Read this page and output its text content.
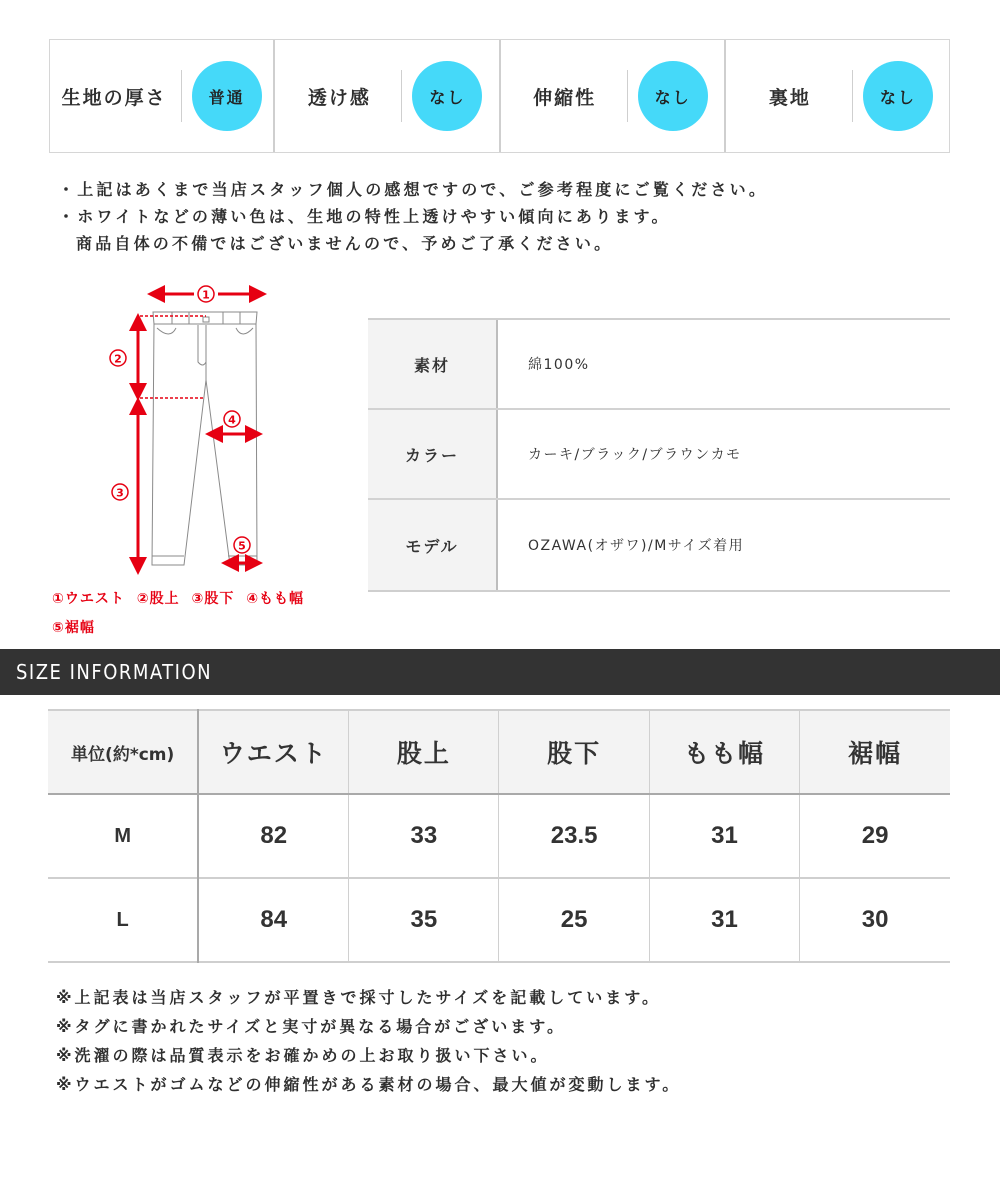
生地の厚さ	普通	透け感	なし	伸縮性	なし	裏地	なし
・上記はあくまで当店スタッフ個人の感想ですので、ご参考程度にご覧ください。
・ホワイトなどの薄い色は、生地の特性上透けやすい傾向にあります。
商品自体の不備ではございませんので、予めご了承ください。
1
2
3
4
5
①ウエスト ②股上 ③股下 ④もも幅
⑤裾幅
素材	綿100%
カラー	カーキ/ブラック/ブラウンカモ
モデル	OZAWA(オザワ)/Mサイズ着用
SIZE INFORMATION
単位(約*cm)	ウエスト	股上	股下	もも幅	裾幅
M	82	33	23.5	31	29
L	84	35	25	31	30
※上記表は当店スタッフが平置きで採寸したサイズを記載しています。
※タグに書かれたサイズと実寸が異なる場合がございます。
※洗濯の際は品質表示をお確かめの上お取り扱い下さい。
※ウエストがゴムなどの伸縮性がある素材の場合、最大値が変動します。
